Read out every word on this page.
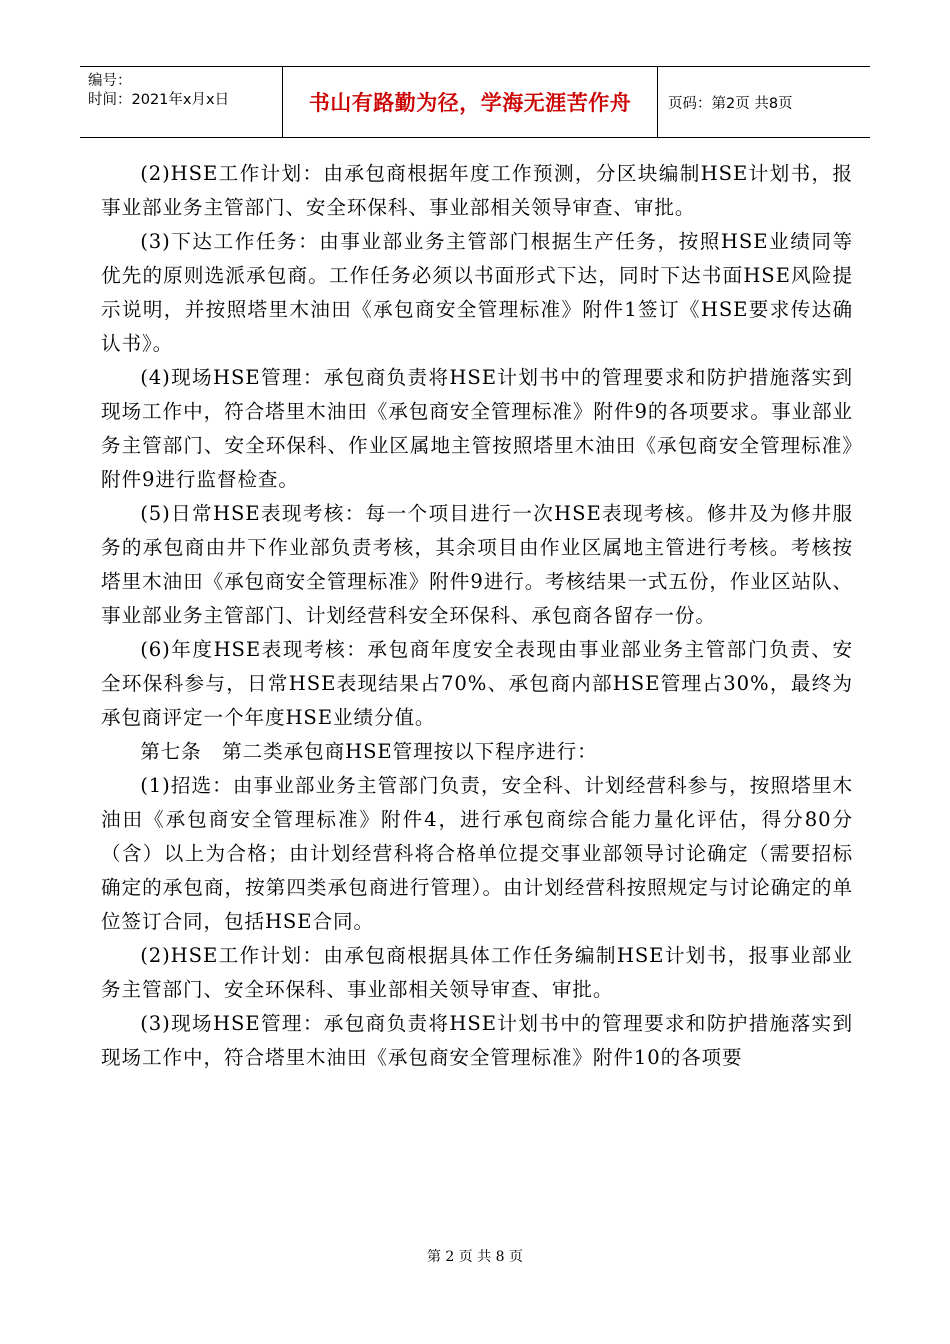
编号：
时间：2021年x月x日	书山有路勤为径，学海无涯苦作舟	页码：第2页 共8页

(2)HSE工作计划：由承包商根据年度工作预测，分区块编制HSE计划书，报事业部业务主管部门、安全环保科、事业部相关领导审查、审批。

(3)下达工作任务：由事业部业务主管部门根据生产任务，按照HSE业绩同等优先的原则选派承包商。工作任务必须以书面形式下达，同时下达书面HSE风险提示说明，并按照塔里木油田《承包商安全管理标准》附件1签订《HSE要求传达确认书》。

(4)现场HSE管理：承包商负责将HSE计划书中的管理要求和防护措施落实到现场工作中，符合塔里木油田《承包商安全管理标准》附件9的各项要求。事业部业务主管部门、安全环保科、作业区属地主管按照塔里木油田《承包商安全管理标准》附件9进行监督检查。

(5)日常HSE表现考核：每一个项目进行一次HSE表现考核。修井及为修井服务的承包商由井下作业部负责考核，其余项目由作业区属地主管进行考核。考核按塔里木油田《承包商安全管理标准》附件9进行。考核结果一式五份，作业区站队、事业部业务主管部门、计划经营科安全环保科、承包商各留存一份。

(6)年度HSE表现考核：承包商年度安全表现由事业部业务主管部门负责、安全环保科参与，日常HSE表现结果占70%、承包商内部HSE管理占30%，最终为承包商评定一个年度HSE业绩分值。

第七条　第二类承包商HSE管理按以下程序进行：

(1)招选：由事业部业务主管部门负责，安全科、计划经营科参与，按照塔里木油田《承包商安全管理标准》附件4，进行承包商综合能力量化评估，得分80分（含）以上为合格；由计划经营科将合格单位提交事业部领导讨论确定（需要招标确定的承包商，按第四类承包商进行管理）。由计划经营科按照规定与讨论确定的单位签订合同，包括HSE合同。

(2)HSE工作计划：由承包商根据具体工作任务编制HSE计划书，报事业部业务主管部门、安全环保科、事业部相关领导审查、审批。

(3)现场HSE管理：承包商负责将HSE计划书中的管理要求和防护措施落实到现场工作中，符合塔里木油田《承包商安全管理标准》附件10的各项要

第 2 页 共 8 页
